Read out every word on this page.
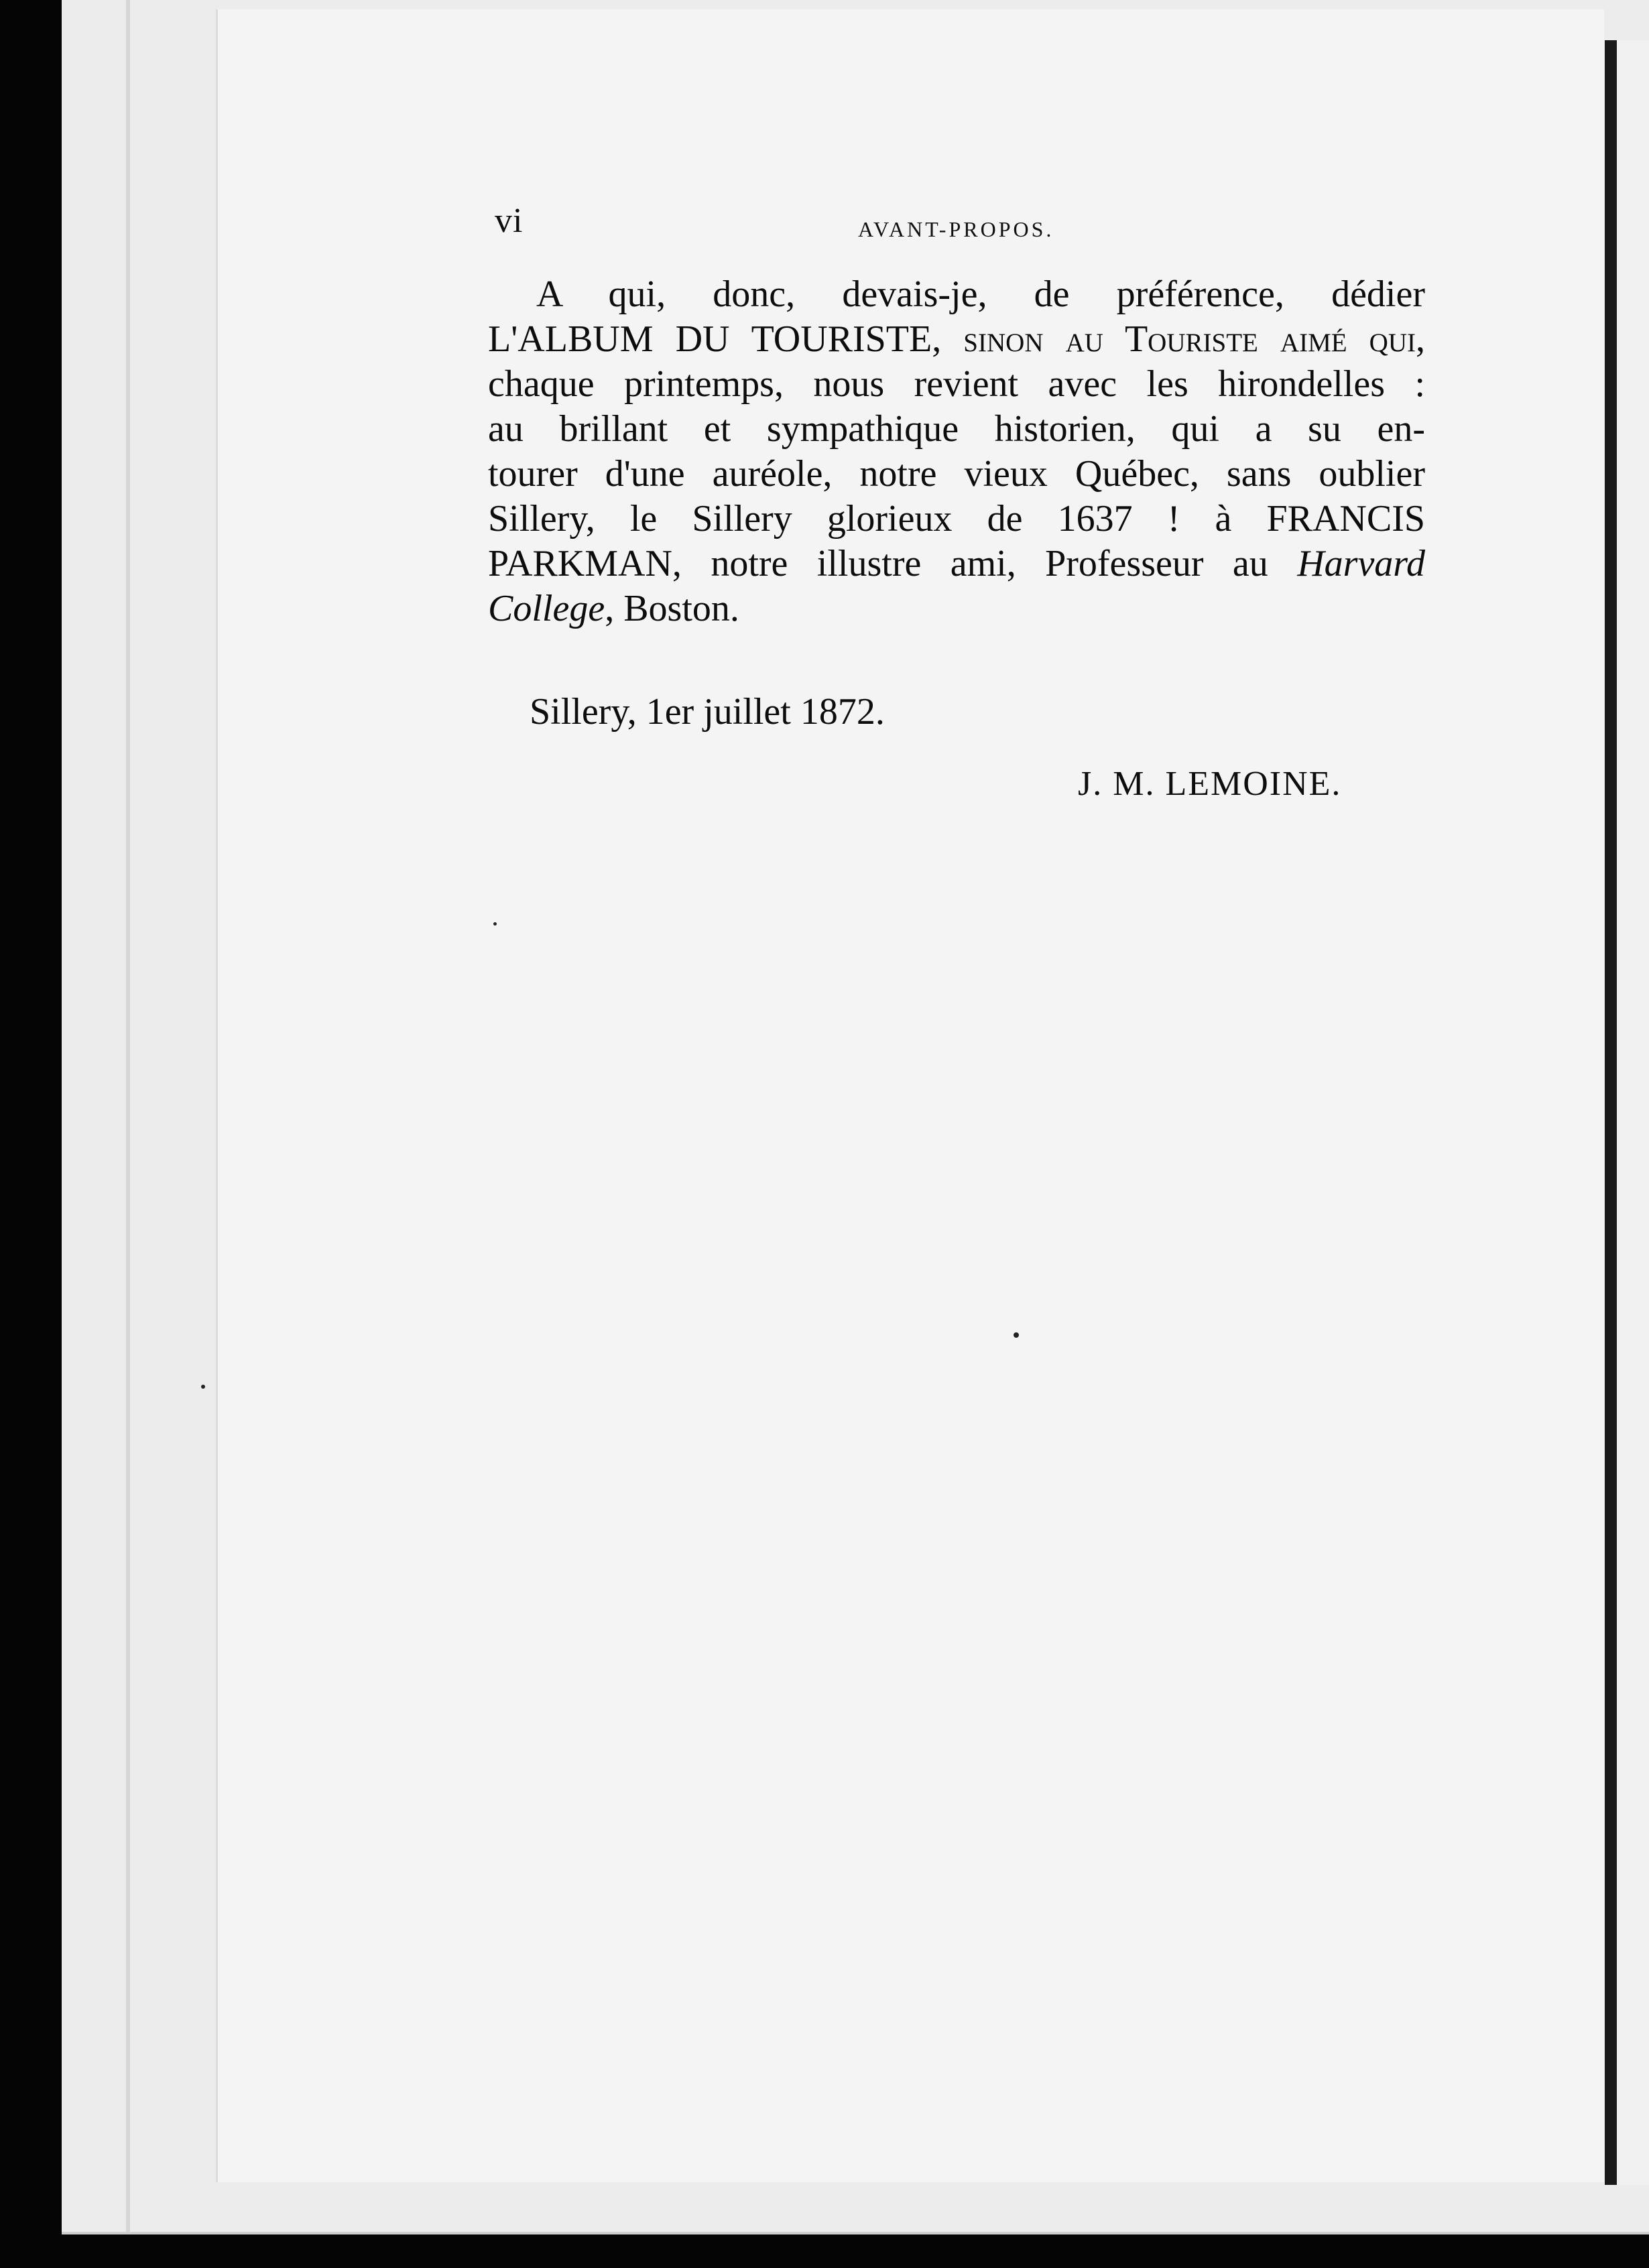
vi	AVANT-PROPOS.
A qui, donc, devais-je, de préférence, dédier
L'ALBUM DU TOURISTE, sinon au Touriste aimé qui,
chaque printemps, nous revient avec les hirondelles :
au brillant et sympathique historien, qui a su en-
tourer d'une auréole, notre vieux Québec, sans oublier
Sillery, le Sillery glorieux de 1637 ! à FRANCIS
PARKMAN, notre illustre ami, Professeur au Harvard
College, Boston.
Sillery, 1er juillet 1872.
J. M. LEMOINE.
